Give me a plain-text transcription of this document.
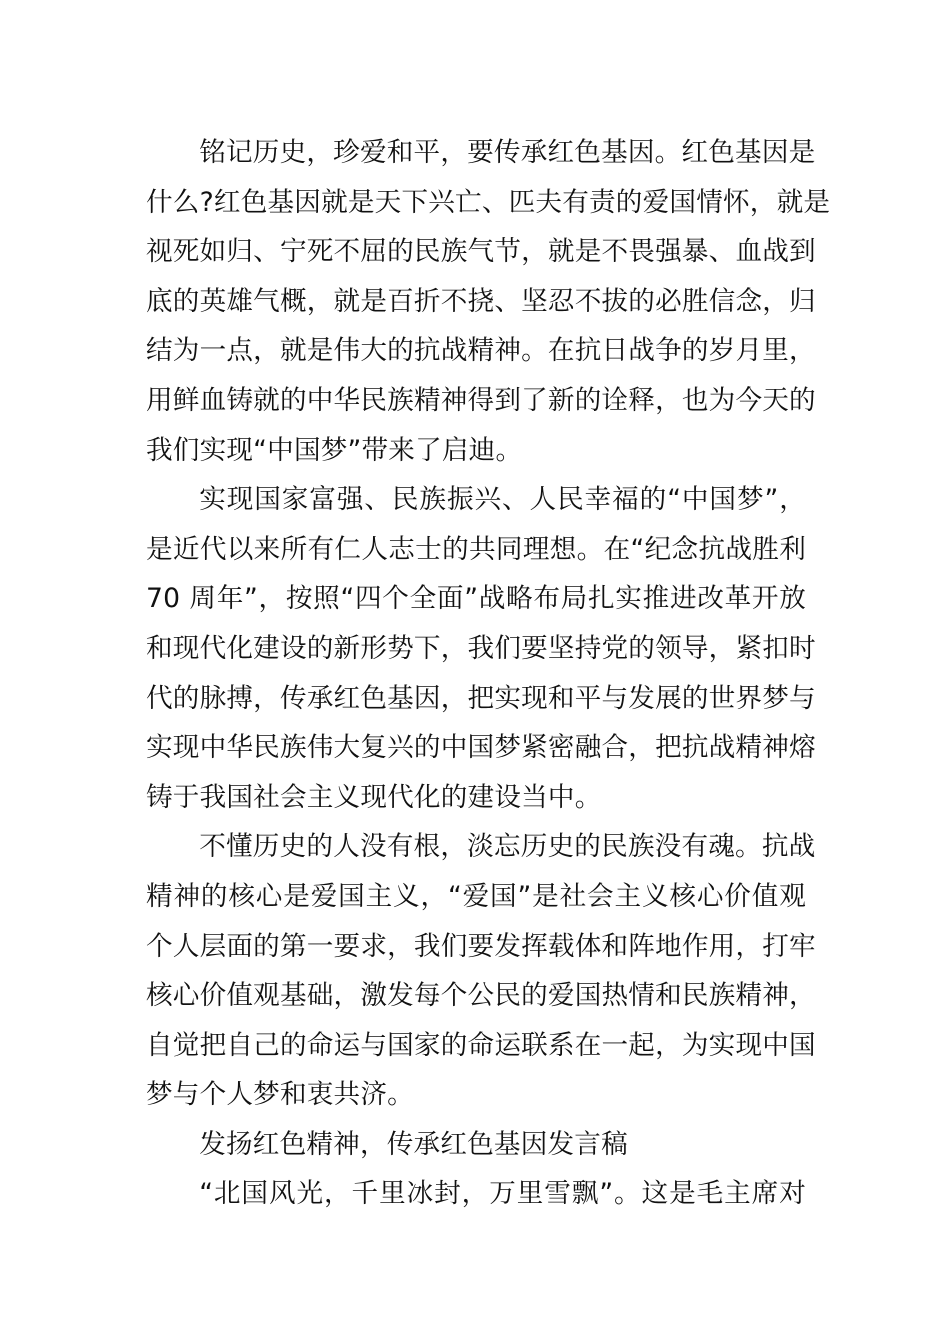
铭记历史，珍爱和平，要传承红色基因。红色基因是
什么?红色基因就是天下兴亡、匹夫有责的爱国情怀，就是
视死如归、宁死不屈的民族气节，就是不畏强暴、血战到
底的英雄气概，就是百折不挠、坚忍不拔的必胜信念，归
结为一点，就是伟大的抗战精神。在抗日战争的岁月里，
用鲜血铸就的中华民族精神得到了新的诠释，也为今天的
我们实现“中国梦”带来了启迪。
实现国家富强、民族振兴、人民幸福的“中国梦”，
是近代以来所有仁人志士的共同理想。在“纪念抗战胜利
70 周年”，按照“四个全面”战略布局扎实推进改革开放
和现代化建设的新形势下，我们要坚持党的领导，紧扣时
代的脉搏，传承红色基因，把实现和平与发展的世界梦与
实现中华民族伟大复兴的中国梦紧密融合，把抗战精神熔
铸于我国社会主义现代化的建设当中。
不懂历史的人没有根，淡忘历史的民族没有魂。抗战
精神的核心是爱国主义，“爱国”是社会主义核心价值观
个人层面的第一要求，我们要发挥载体和阵地作用，打牢
核心价值观基础，激发每个公民的爱国热情和民族精神，
自觉把自己的命运与国家的命运联系在一起，为实现中国
梦与个人梦和衷共济。
发扬红色精神，传承红色基因发言稿
“北国风光，千里冰封，万里雪飘”。这是毛主席对
